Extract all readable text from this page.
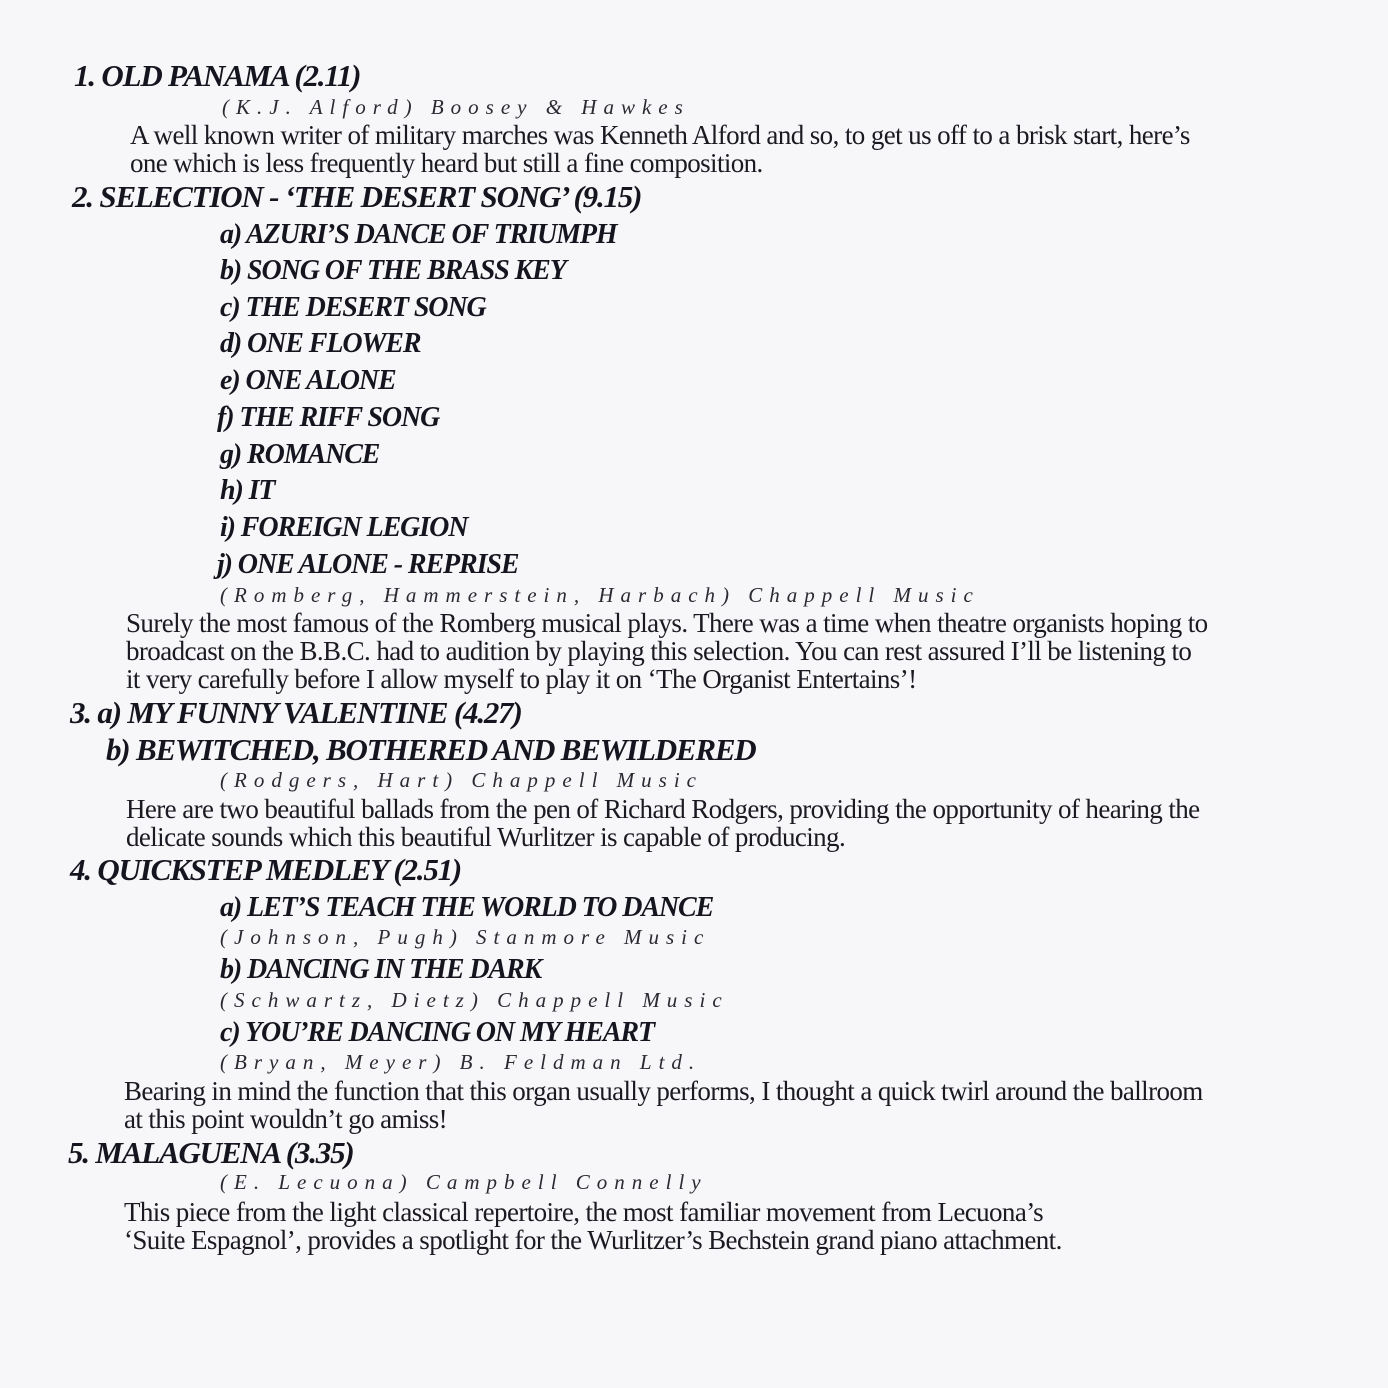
1. OLD PANAMA (2.11)
(K.J. Alford) Boosey & Hawkes
A well known writer of military marches was Kenneth Alford and so, to get us off to a brisk start, here’s
one which is less frequently heard but still a fine composition.
2. SELECTION - ‘THE DESERT SONG’ (9.15)
a) AZURI’S DANCE OF TRIUMPH
b) SONG OF THE BRASS KEY
c) THE DESERT SONG
d) ONE FLOWER
e) ONE ALONE
f) THE RIFF SONG
g) ROMANCE
h) IT
i) FOREIGN LEGION
j) ONE ALONE - REPRISE
(Romberg, Hammerstein, Harbach) Chappell Music
Surely the most famous of the Romberg musical plays. There was a time when theatre organists hoping to
broadcast on the B.B.C. had to audition by playing this selection. You can rest assured I’ll be listening to
it very carefully before I allow myself to play it on ‘The Organist Entertains’!
3. a) MY FUNNY VALENTINE (4.27)
b) BEWITCHED, BOTHERED AND BEWILDERED
(Rodgers, Hart) Chappell Music
Here are two beautiful ballads from the pen of Richard Rodgers, providing the opportunity of hearing the
delicate sounds which this beautiful Wurlitzer is capable of producing.
4. QUICKSTEP MEDLEY (2.51)
a) LET’S TEACH THE WORLD TO DANCE
(Johnson, Pugh) Stanmore Music
b) DANCING IN THE DARK
(Schwartz, Dietz) Chappell Music
c) YOU’RE DANCING ON MY HEART
(Bryan, Meyer) B. Feldman Ltd.
Bearing in mind the function that this organ usually performs, I thought a quick twirl around the ballroom
at this point wouldn’t go amiss!
5. MALAGUENA (3.35)
(E. Lecuona) Campbell Connelly
This piece from the light classical repertoire, the most familiar movement from Lecuona’s
‘Suite Espagnol’, provides a spotlight for the Wurlitzer’s Bechstein grand piano attachment.
